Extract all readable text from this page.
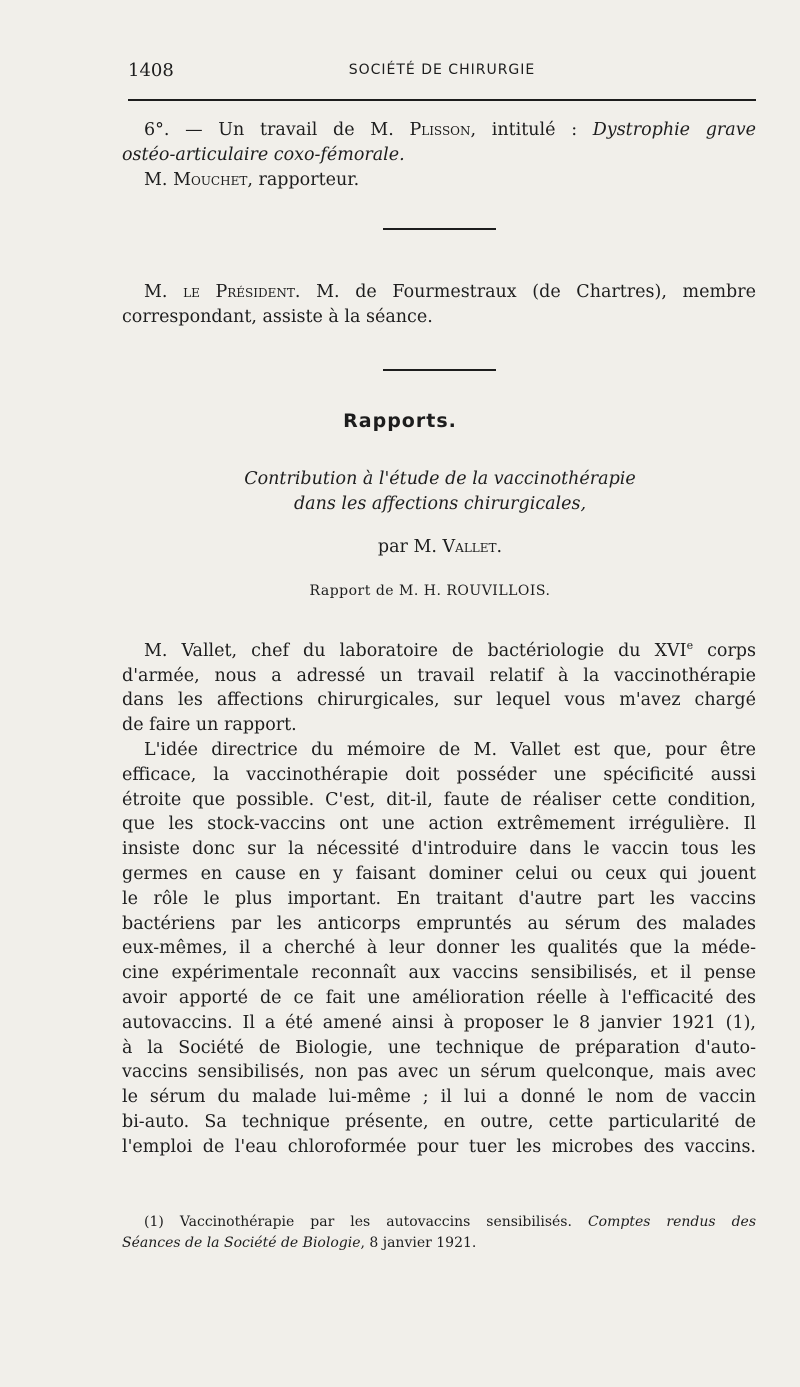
1408	SOCIÉTÉ DE CHIRURGIE

6°. — Un travail de M. Plisson, intitulé : Dystrophie grave

ostéo-articulaire coxo-fémorale.

M. Mouchet, rapporteur.

M. le Président. M. de Fourmestraux (de Chartres), membre

correspondant, assiste à la séance.

Rapports.
Contribution à l'étude de la vaccinothérapie
dans les affections chirurgicales,
par M. Vallet.
Rapport de M. H. ROUVILLOIS.

M. Vallet, chef du laboratoire de bactériologie du XVIe corps

d'armée, nous a adressé un travail relatif à la vaccinothérapie

dans les affections chirurgicales, sur lequel vous m'avez chargé

de faire un rapport.

L'idée directrice du mémoire de M. Vallet est que, pour être

efficace, la vaccinothérapie doit posséder une spécificité aussi

étroite que possible. C'est, dit-il, faute de réaliser cette condition,

que les stock-vaccins ont une action extrêmement irrégulière. Il

insiste donc sur la nécessité d'introduire dans le vaccin tous les

germes en cause en y faisant dominer celui ou ceux qui jouent

le rôle le plus important. En traitant d'autre part les vaccins

bactériens par les anticorps empruntés au sérum des malades

eux-mêmes, il a cherché à leur donner les qualités que la méde-

cine expérimentale reconnaît aux vaccins sensibilisés, et il pense

avoir apporté de ce fait une amélioration réelle à l'efficacité des

autovaccins. Il a été amené ainsi à proposer le 8 janvier 1921 (1),

à la Société de Biologie, une technique de préparation d'auto-

vaccins sensibilisés, non pas avec un sérum quelconque, mais avec

le sérum du malade lui-même ; il lui a donné le nom de vaccin

bi-auto. Sa technique présente, en outre, cette particularité de

l'emploi de l'eau chloroformée pour tuer les microbes des vaccins.

(1) Vaccinothérapie par les autovaccins sensibilisés. Comptes rendus des

Séances de la Société de Biologie, 8 janvier 1921.
